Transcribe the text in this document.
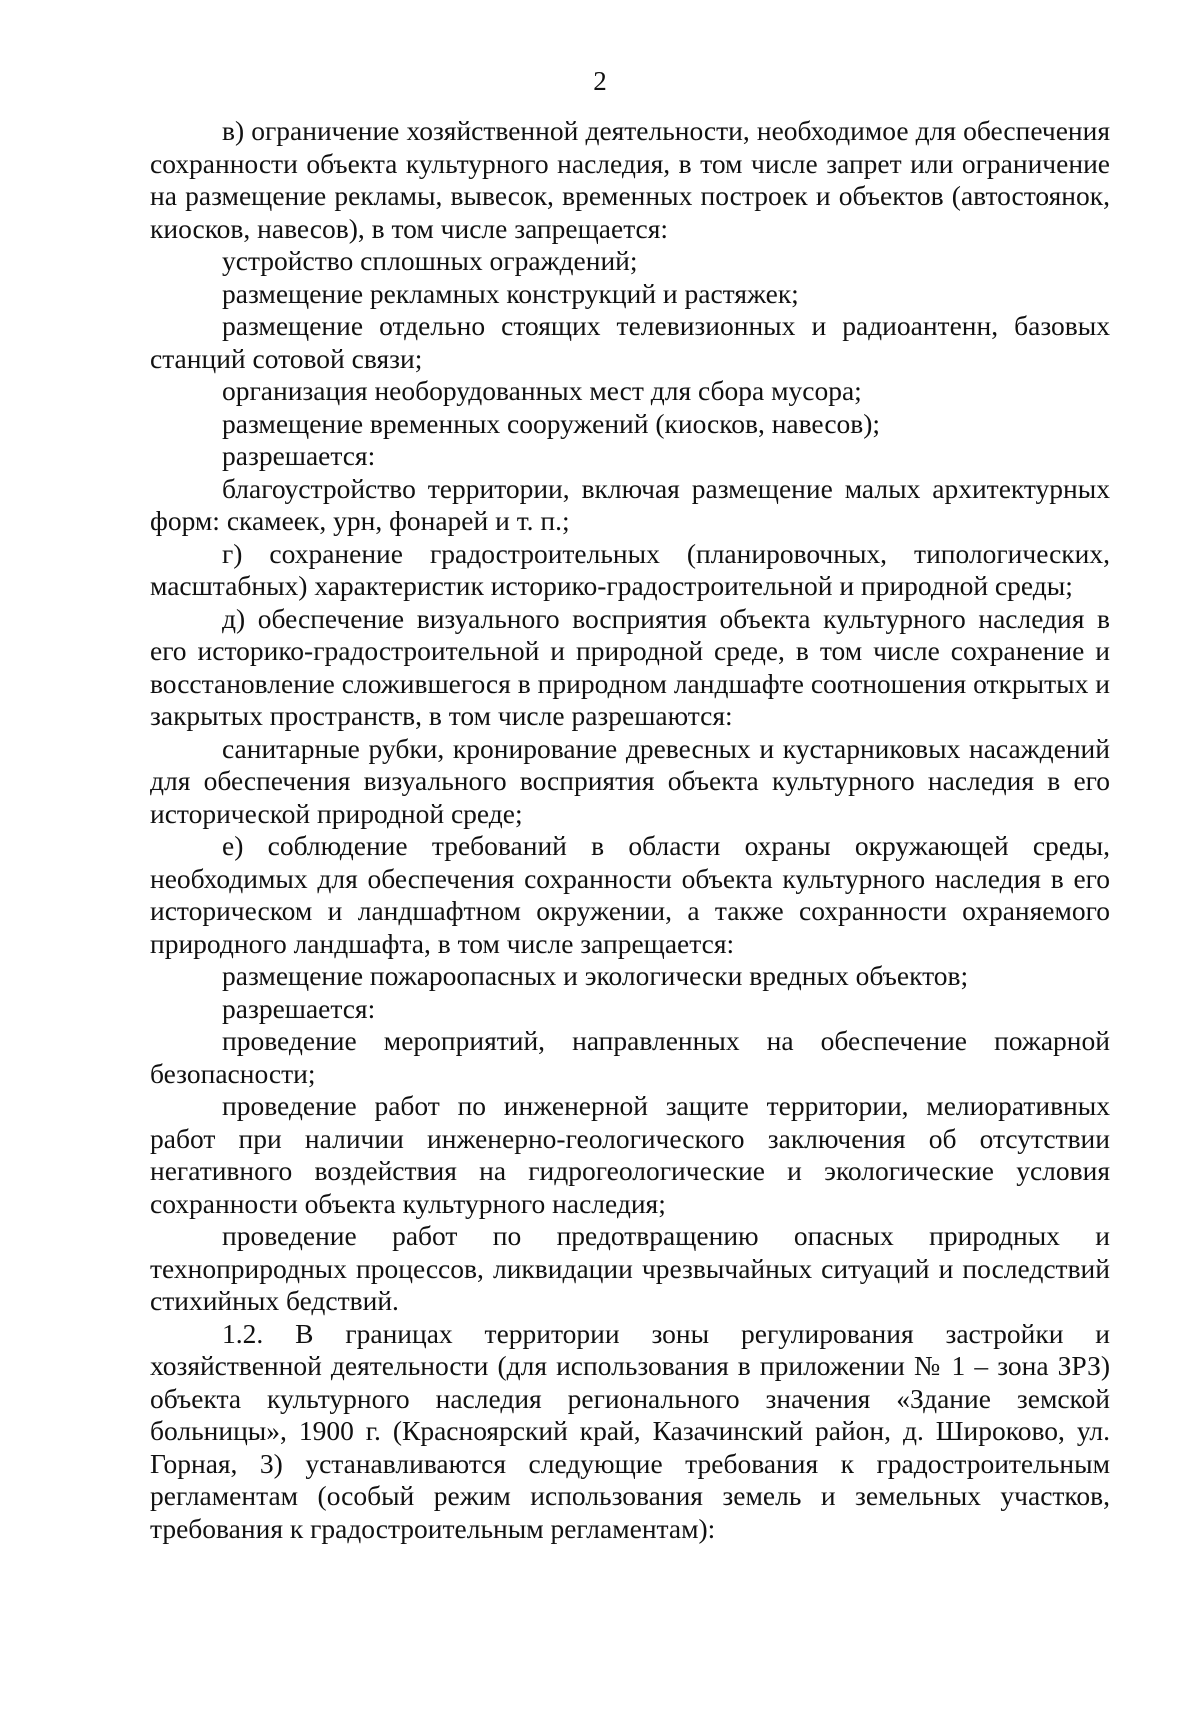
2

в) ограничение хозяйственной деятельности, необходимое для обеспечения сохранности объекта культурного наследия, в том числе запрет или ограничение на размещение рекламы, вывесок, временных построек и объектов (автостоянок, киосков, навесов), в том числе запрещается:

устройство сплошных ограждений;

размещение рекламных конструкций и растяжек;

размещение отдельно стоящих телевизионных и радиоантенн, базовых станций сотовой связи;

организация необорудованных мест для сбора мусора;

размещение временных сооружений (киосков, навесов);

разрешается:

благоустройство территории, включая размещение малых архитектурных форм: скамеек, урн, фонарей и т. п.;

г) сохранение градостроительных (планировочных, типологических, масштабных) характеристик историко-градостроительной и природной среды;

д) обеспечение визуального восприятия объекта культурного наследия в его историко-градостроительной и природной среде, в том числе сохранение и восстановление сложившегося в природном ландшафте соотношения открытых и закрытых пространств, в том числе разрешаются:

санитарные рубки, кронирование древесных и кустарниковых насаждений для обеспечения визуального восприятия объекта культурного наследия в его исторической природной среде;

е) соблюдение требований в области охраны окружающей среды, необходимых для обеспечения сохранности объекта культурного наследия в его историческом и ландшафтном окружении, а также сохранности охраняемого природного ландшафта, в том числе запрещается:

размещение пожароопасных и экологически вредных объектов;

разрешается:

проведение мероприятий, направленных на обеспечение пожарной безопасности;

проведение работ по инженерной защите территории, мелиоративных работ при наличии инженерно-геологического заключения об отсутствии негативного воздействия на гидрогеологические и экологические условия сохранности объекта культурного наследия;

проведение работ по предотвращению опасных природных и техноприродных процессов, ликвидации чрезвычайных ситуаций и последствий стихийных бедствий.

1.2. В границах территории зоны регулирования застройки и хозяйственной деятельности (для использования в приложении № 1 – зона ЗРЗ) объекта культурного наследия регионального значения «Здание земской больницы», 1900 г. (Красноярский край, Казачинский район, д. Широково, ул. Горная, 3) устанавливаются следующие требования к градостроительным регламентам (особый режим использования земель и земельных участков, требования к градостроительным регламентам):
